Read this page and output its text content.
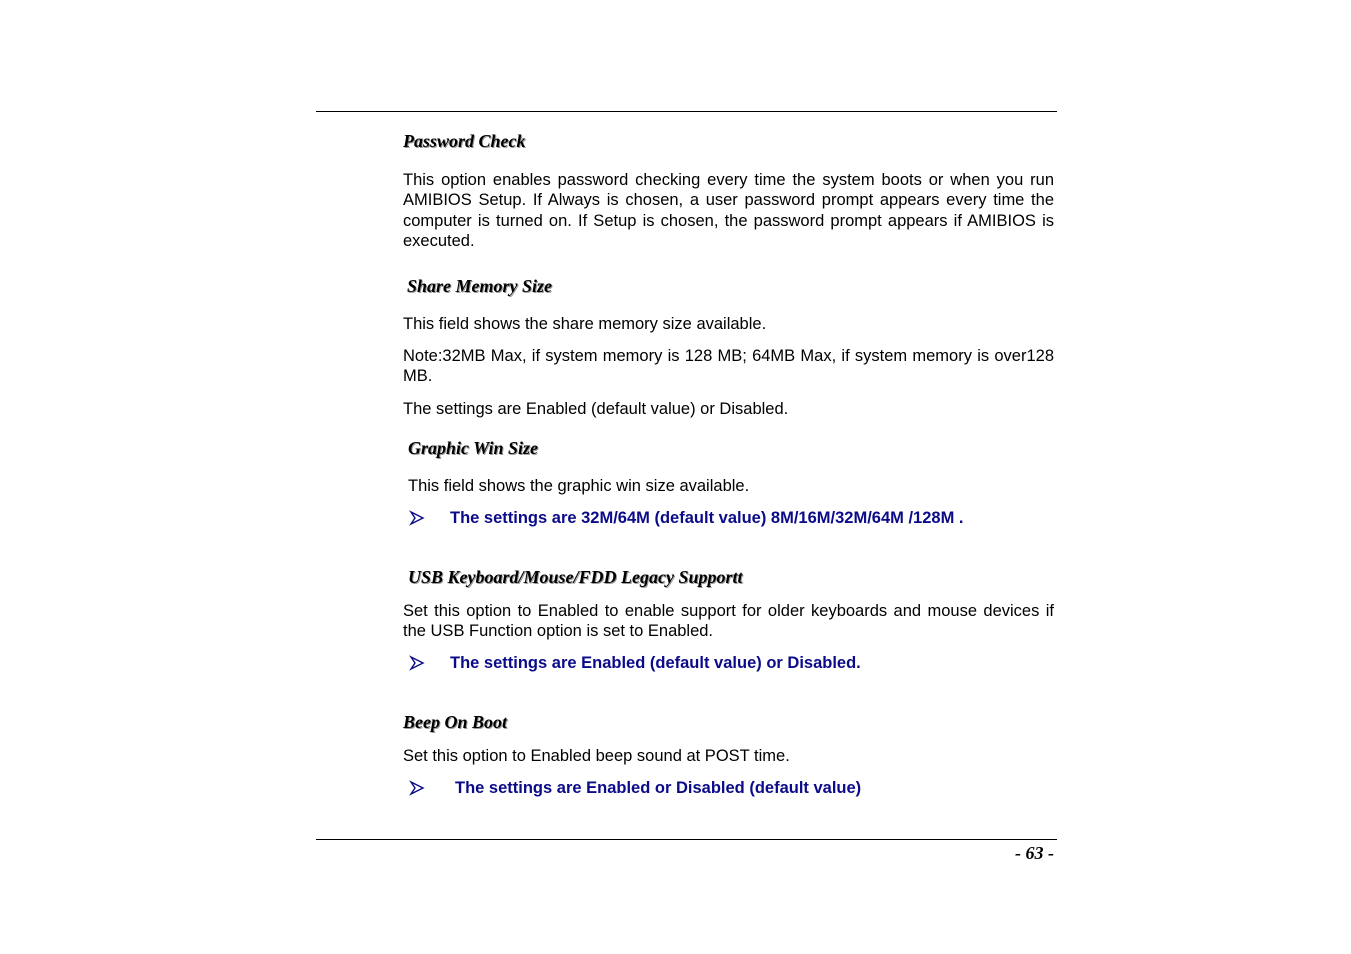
Password Check

This option enables password checking every time the system boots or when you run AMIBIOS Setup. If Always is chosen, a user password prompt appears every time the computer is turned on. If Setup is chosen, the password prompt appears if AMIBIOS is executed.

Share Memory Size

This field shows the share memory size available.

Note:32MB Max, if system memory is 128 MB; 64MB Max, if system memory is over128 MB.

The settings are Enabled (default value) or Disabled.

Graphic Win Size

This field shows the graphic win size available.

The settings are 32M/64M (default value) 8M/16M/32M/64M /128M .

USB Keyboard/Mouse/FDD Legacy Supportt

Set this option to Enabled to enable support for older keyboards and mouse devices if the USB Function option is set to Enabled.

The settings are Enabled (default value) or Disabled.

Beep On Boot

Set this option to Enabled beep sound at POST time.

The settings are Enabled or Disabled (default value)

- 63 -
